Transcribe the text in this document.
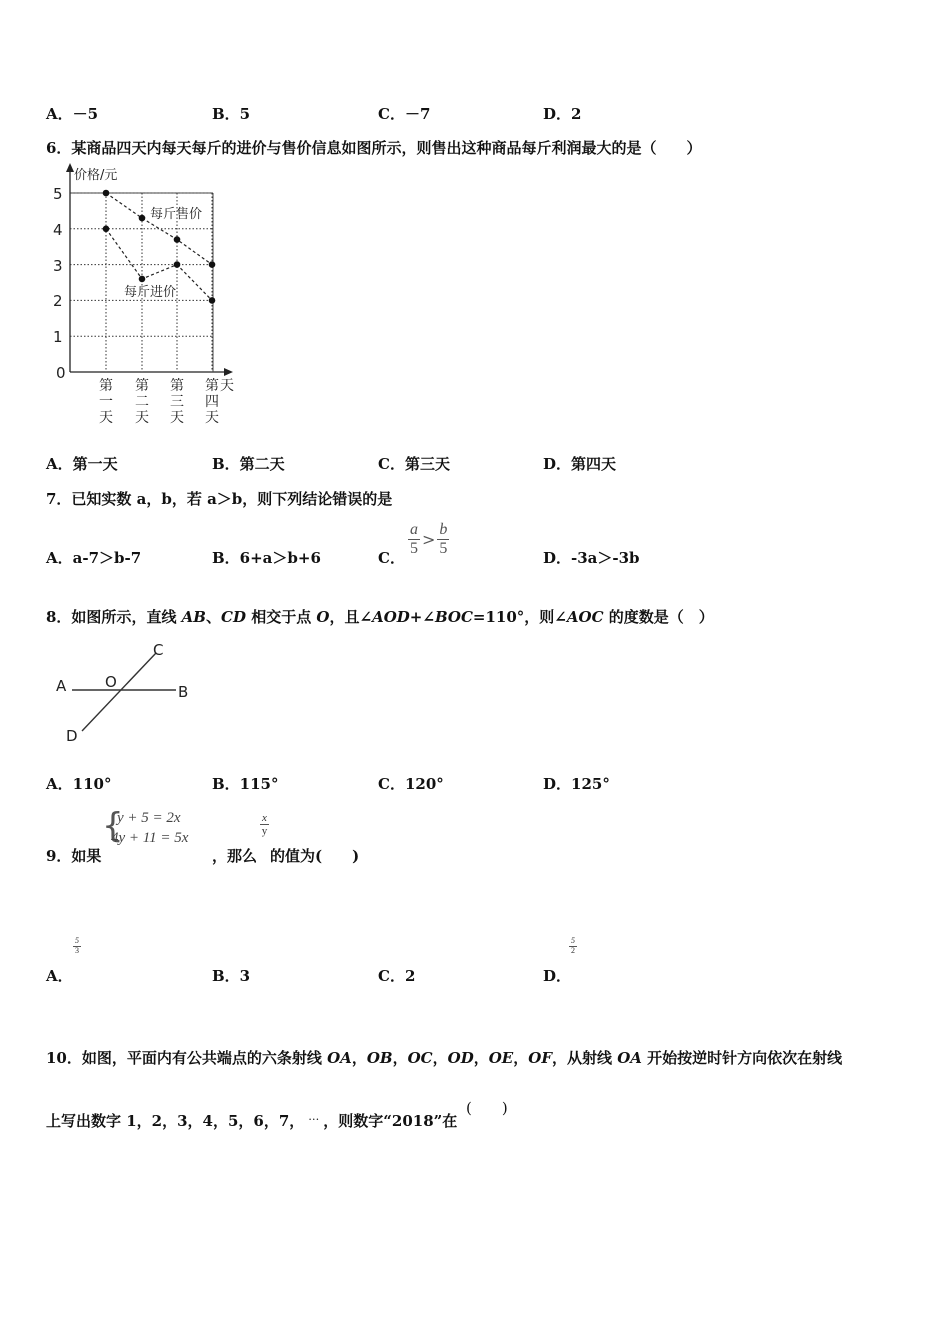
A．－5	B．5	C．－7	D．2
6．某商品四天内每天每斤的进价与售价信息如图所示，则售出这种商品每斤利润最大的是（　　）
价格/元
天
5
4
3
2
1
0
第
一
天
第
二
天
第
三
天
第
四
天
每斤售价
每斤进价
A．第一天	B．第二天	C．第三天	D．第四天
7．已知实数 a，b，若 a＞b，则下列结论错误的是
A．a-7＞b-7	B．6+a＞b+6	C．
$\frac{a}{5} > \frac{b}{5}$
D．-3a＞-3b
8．如图所示，直线 AB、CD 相交于点 O，且∠AOD+∠BOC=110°，则∠AOC 的度数是（　）
A	B
C
D
O
A．110°	B．115°	C．120°	D．125°
9．如果
{
y + 5 = 2x
4y + 11 = 5x
，那么
$\frac{x}{y}$
的值为(　　)
$\frac{5}{3}$
A．	B．3	C．2
$\frac{5}{2}$
D．
10．如图，平面内有公共端点的六条射线 OA，OB，OC，OD，OE，OF，从射线 OA 开始按逆时针方向依次在射线
上写出数字 1，2，3，4，5，6，7， … ，则数字“2018”在
(　　)
